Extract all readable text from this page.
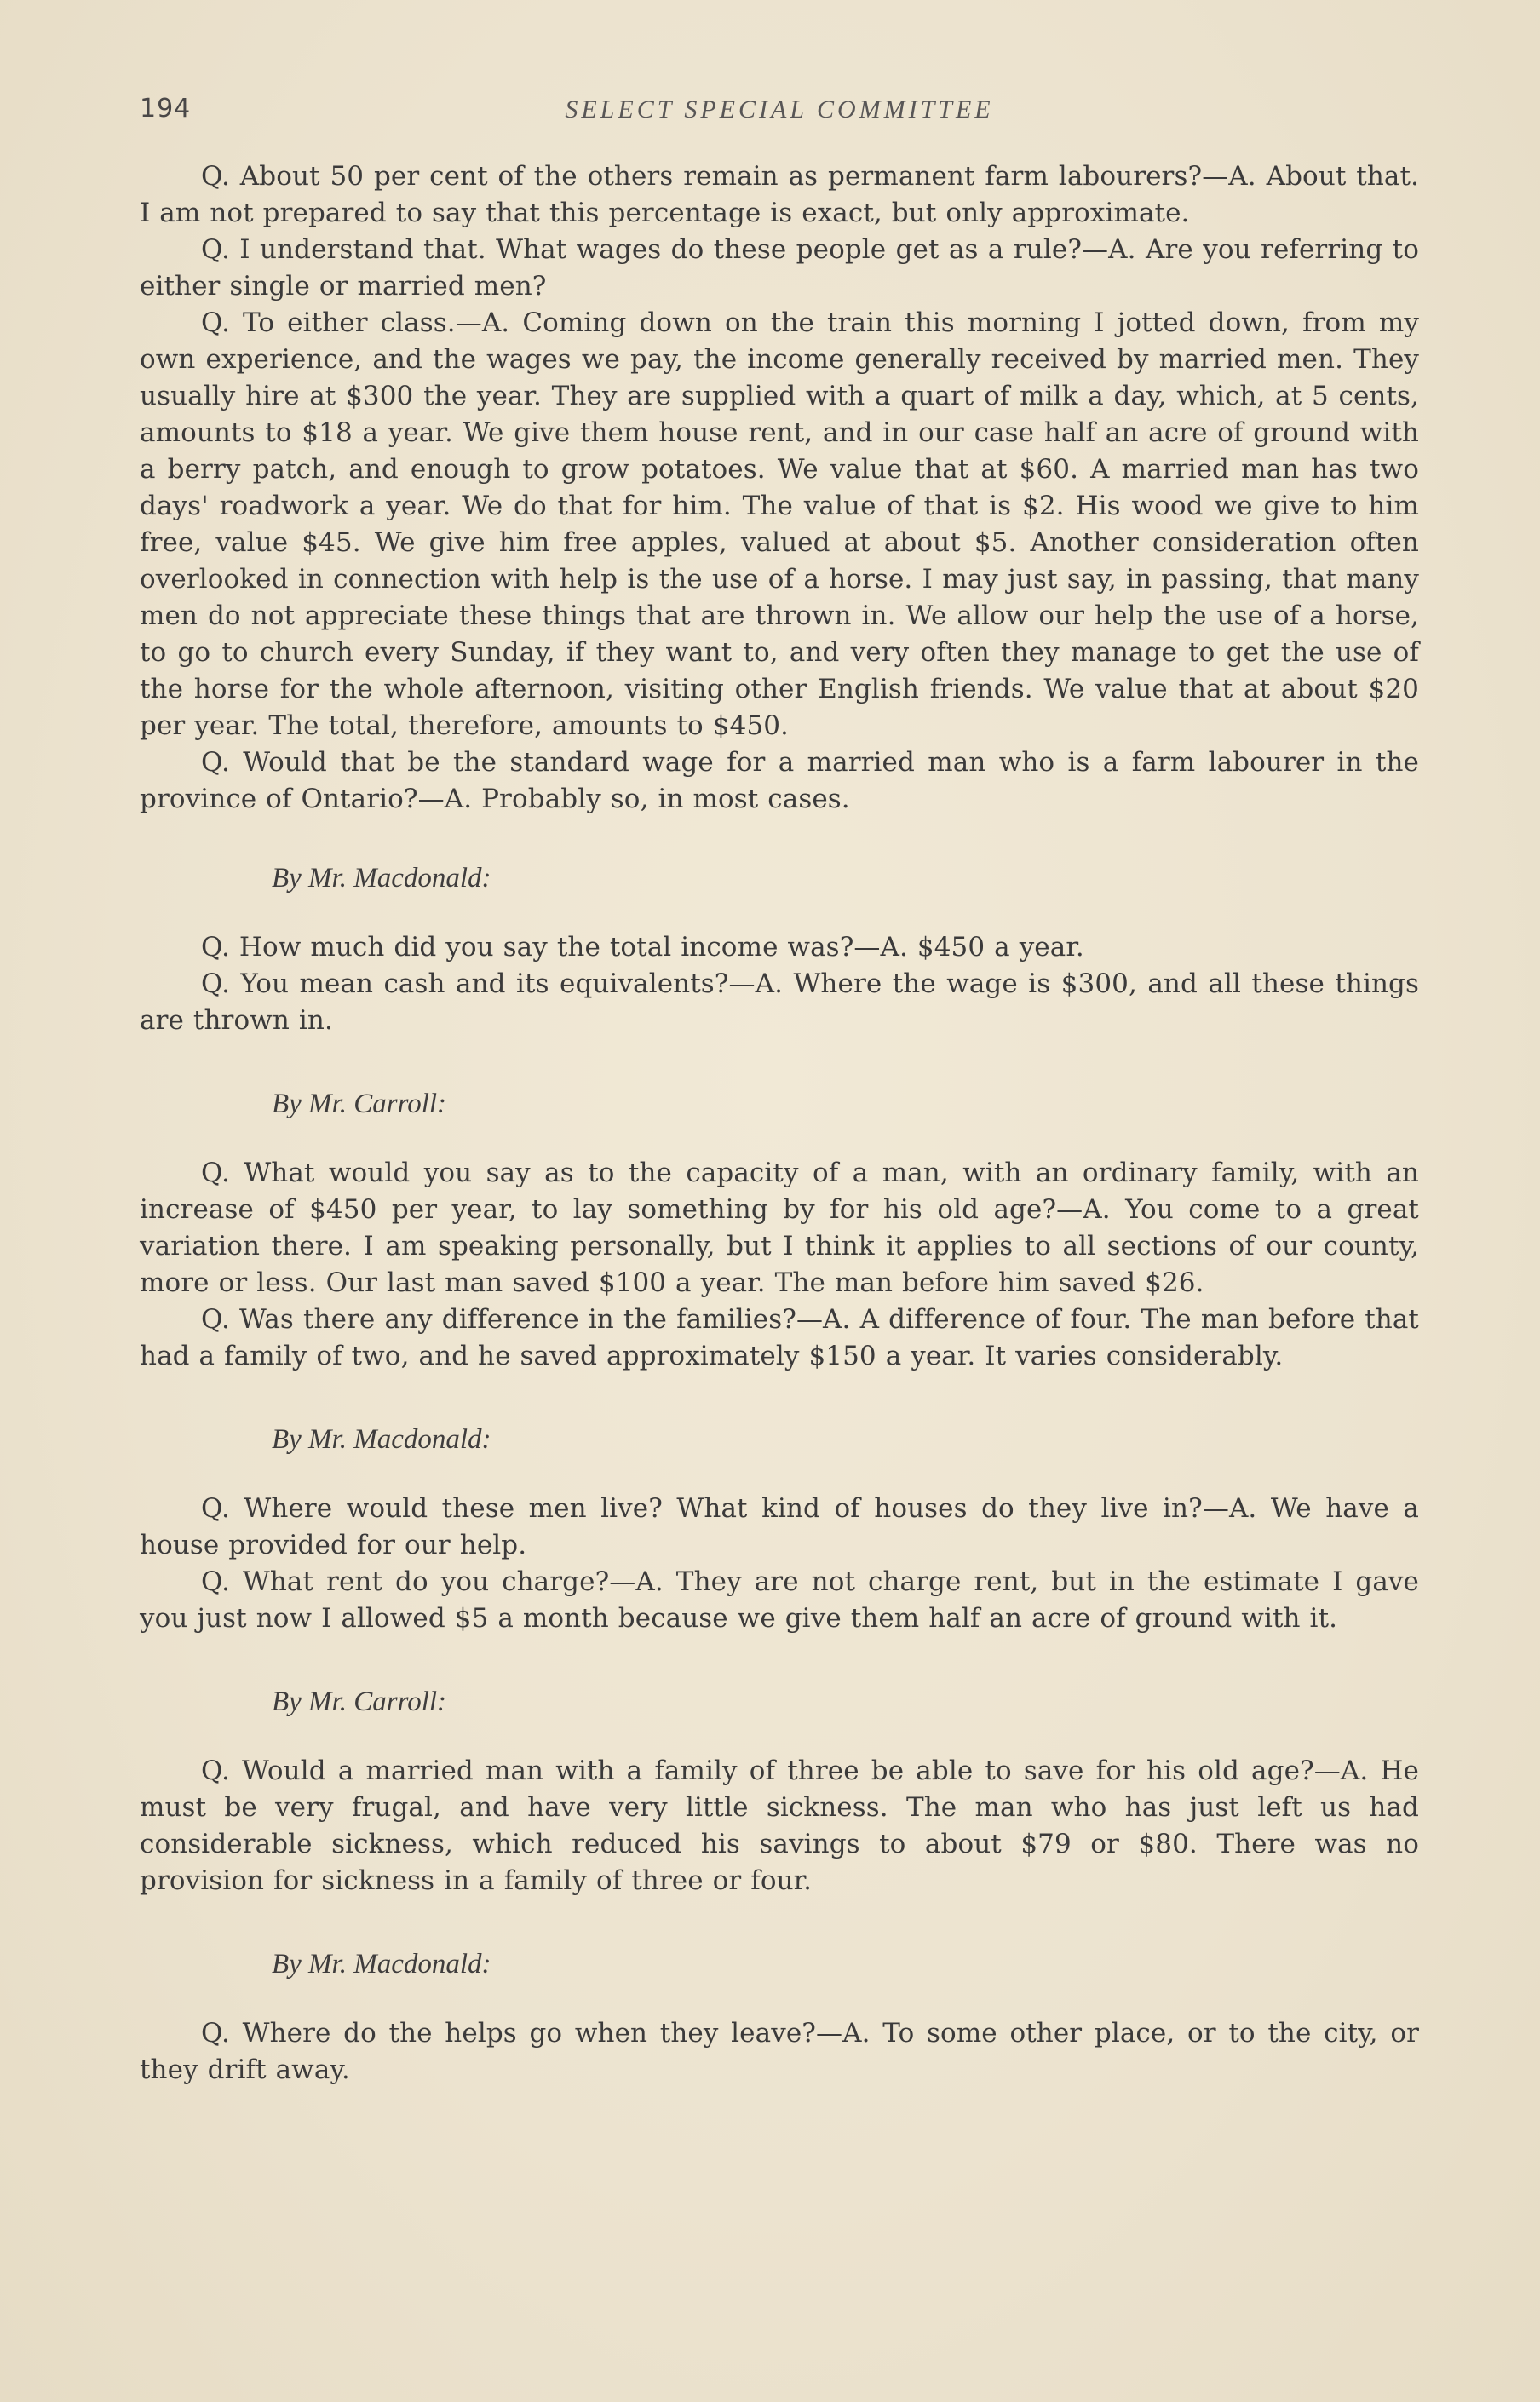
194	SELECT SPECIAL COMMITTEE

Q. About 50 per cent of the others remain as permanent farm labourers?—A. About that. I am not prepared to say that this percentage is exact, but only approximate.

Q. I understand that. What wages do these people get as a rule?—A. Are you referring to either single or married men?

Q. To either class.—A. Coming down on the train this morning I jotted down, from my own experience, and the wages we pay, the income generally received by married men. They usually hire at $300 the year. They are supplied with a quart of milk a day, which, at 5 cents, amounts to $18 a year. We give them house rent, and in our case half an acre of ground with a berry patch, and enough to grow potatoes. We value that at $60. A married man has two days' roadwork a year. We do that for him. The value of that is $2. His wood we give to him free, value $45. We give him free apples, valued at about $5. Another consideration often overlooked in connection with help is the use of a horse. I may just say, in passing, that many men do not appreciate these things that are thrown in. We allow our help the use of a horse, to go to church every Sunday, if they want to, and very often they manage to get the use of the horse for the whole afternoon, visiting other English friends. We value that at about $20 per year. The total, therefore, amounts to $450.

Q. Would that be the standard wage for a married man who is a farm labourer in the province of Ontario?—A. Probably so, in most cases.

By Mr. Macdonald:

Q. How much did you say the total income was?—A. $450 a year.

Q. You mean cash and its equivalents?—A. Where the wage is $300, and all these things are thrown in.

By Mr. Carroll:

Q. What would you say as to the capacity of a man, with an ordinary family, with an increase of $450 per year, to lay something by for his old age?—A. You come to a great variation there. I am speaking personally, but I think it applies to all sections of our county, more or less. Our last man saved $100 a year. The man before him saved $26.

Q. Was there any difference in the families?—A. A difference of four. The man before that had a family of two, and he saved approximately $150 a year. It varies considerably.

By Mr. Macdonald:

Q. Where would these men live? What kind of houses do they live in?—A. We have a house provided for our help.

Q. What rent do you charge?—A. They are not charge rent, but in the estimate I gave you just now I allowed $5 a month because we give them half an acre of ground with it.

By Mr. Carroll:

Q. Would a married man with a family of three be able to save for his old age?—A. He must be very frugal, and have very little sickness. The man who has just left us had considerable sickness, which reduced his savings to about $79 or $80. There was no provision for sickness in a family of three or four.

By Mr. Macdonald:

Q. Where do the helps go when they leave?—A. To some other place, or to the city, or they drift away.
